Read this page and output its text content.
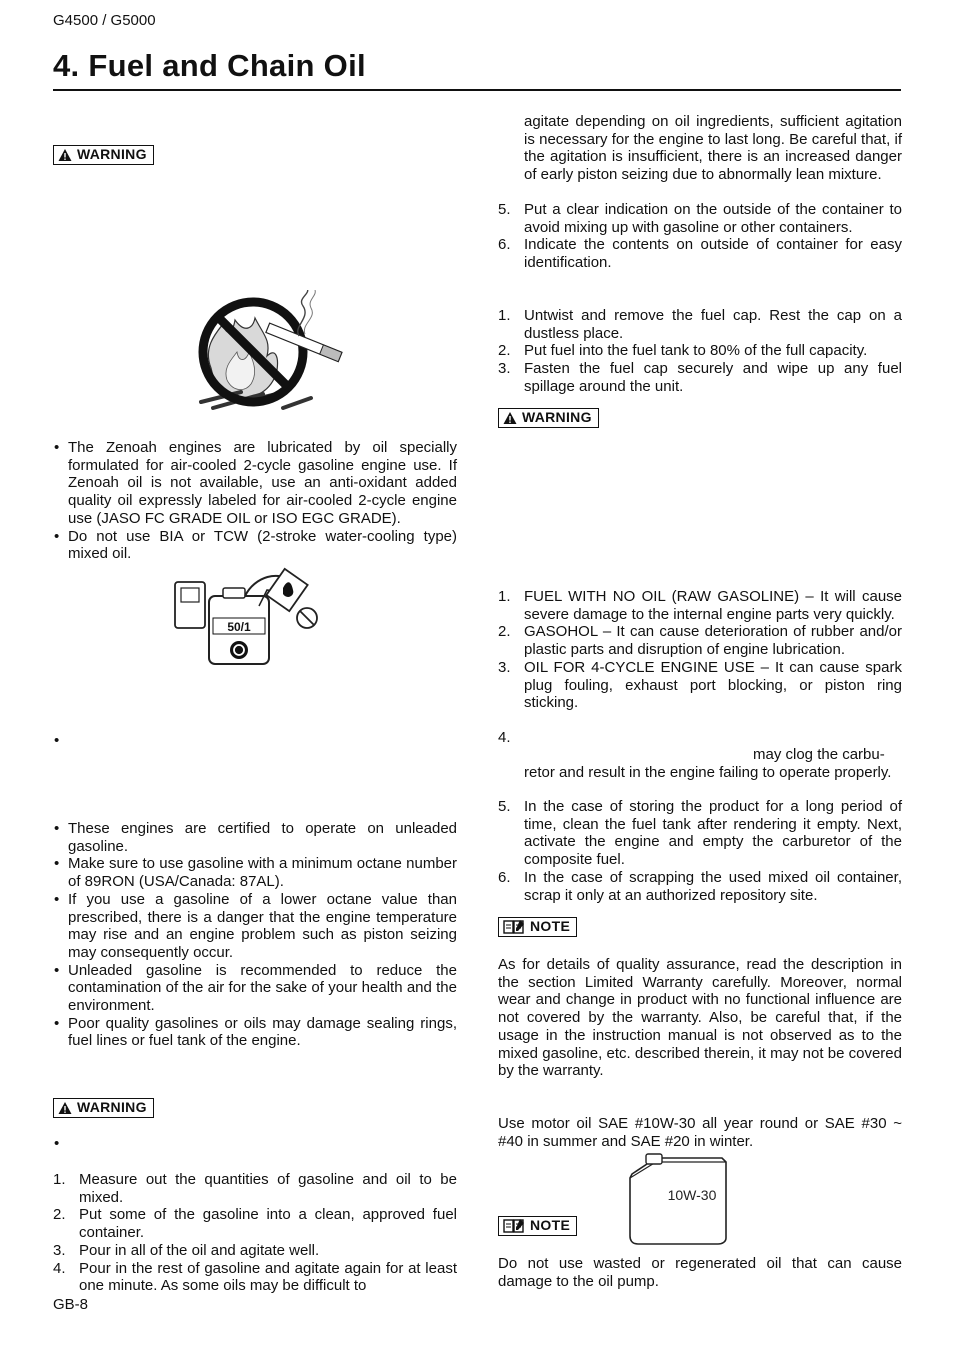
G4500 / G5000
4. Fuel and Chain Oil
WARNING
• The Zenoah engines are lubricated by oil specially formulated for air-cooled 2-cycle gasoline engine use. If Zenoah oil is not available, use an anti-oxidant added quality oil expressly labeled for air-cooled 2-cycle engine use (JASO FC GRADE OIL or ISO EGC GRADE).
• Do not use BIA or TCW (2-stroke water-cooling type) mixed oil.
50/1
•
• These engines are certified to operate on unleaded gasoline.
• Make sure to use gasoline with a minimum octane number of 89RON (USA/Canada: 87AL).
• If you use a gasoline of a lower octane value than prescribed, there is a danger that the engine temperature may rise and an engine problem such as piston seizing may consequently occur.
• Unleaded gasoline is recommended to reduce the contamination of the air for the sake of your health and the environment.
• Poor quality gasolines or oils may damage sealing rings, fuel lines or fuel tank of the engine.
WARNING
•
1. Measure out the quantities of gasoline and oil to be mixed.
2. Put some of the gasoline into a clean, approved fuel container.
3. Pour in all of the oil and agitate well.
4. Pour in the rest of gasoline and agitate again for at least one minute. As some oils may be difficult to
agitate depending on oil ingredients, sufficient agitation is necessary for the engine to last long. Be careful that, if the agitation is insufficient, there is an increased danger of early piston seizing due to abnormally lean mixture.
5. Put a clear indication on the outside of the container to avoid mixing up with gasoline or other containers.
6. Indicate the contents on outside of container for easy identification.
1. Untwist and remove the fuel cap. Rest the cap on a dustless place.
2. Put fuel into the fuel tank to 80% of the full capacity.
3. Fasten the fuel cap securely and wipe up any fuel spillage around the unit.
WARNING
1. FUEL WITH NO OIL (RAW GASOLINE) – It will cause severe damage to the internal engine parts very quickly.
2. GASOHOL – It can cause deterioration of rubber and/or plastic parts and disruption of engine lubrication.
3. OIL FOR 4-CYCLE ENGINE USE – It can cause spark plug fouling, exhaust port blocking, or piston ring sticking.
4.
may clog the carbu-
retor and result in the engine failing to operate properly.
5. In the case of storing the product for a long period of time, clean the fuel tank after rendering it empty. Next, activate the engine and empty the carburetor of the composite fuel.
6. In the case of scrapping the used mixed oil container, scrap it only at an authorized repository site.
NOTE
As for details of quality assurance, read the description in the section Limited Warranty carefully. Moreover, normal wear and change in product with no functional influence are not covered by the warranty. Also, be careful that, if the usage in the instruction manual is not observed as to the mixed gasoline, etc. described therein, it may not be covered by the warranty.
Use motor oil SAE #10W-30 all year round or SAE #30 ~ #40 in summer and SAE #20 in winter.
10W-30
NOTE
Do not use wasted or regenerated oil that can cause damage to the oil pump.
GB-8
